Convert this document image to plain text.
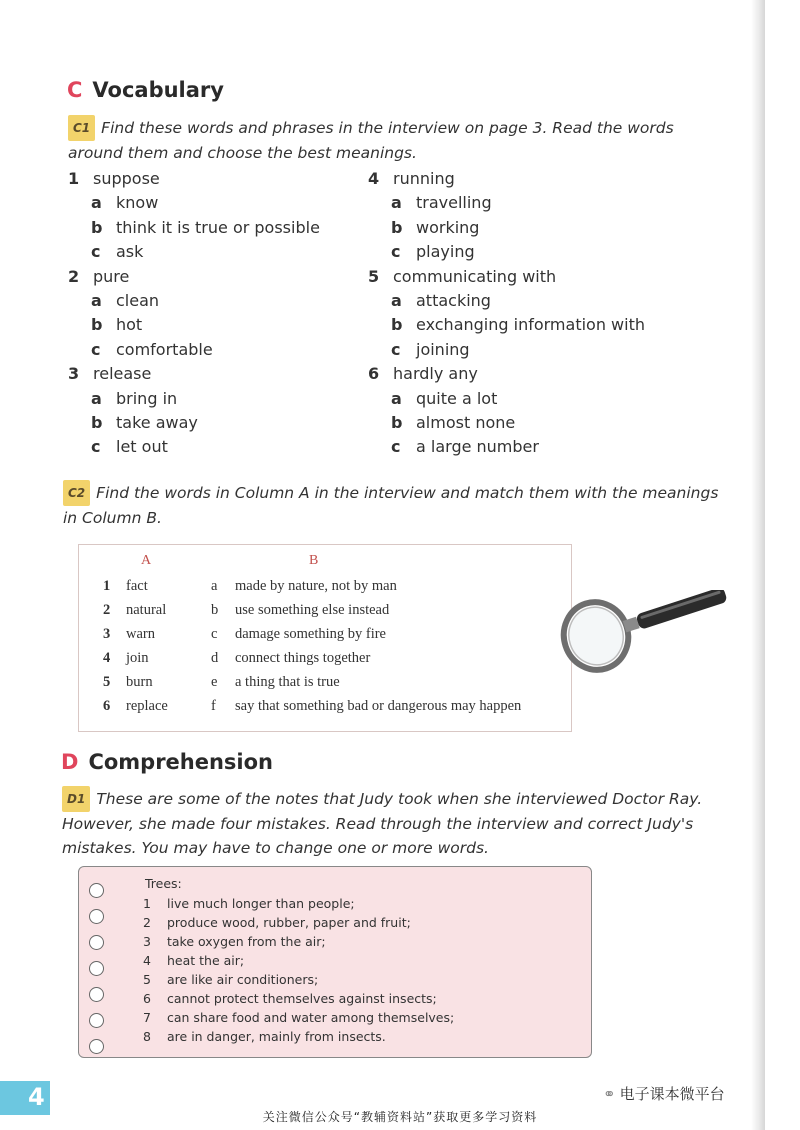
C Vocabulary
C1 Find these words and phrases in the interview on page 3. Read the words
around them and choose the best meanings.
1 suppose
a know
b think it is true or possible
c ask
2 pure
a clean
b hot
c comfortable
3 release
a bring in
b take away
c let out
4 running
a travelling
b working
c playing
5 communicating with
a attacking
b exchanging information with
c joining
6 hardly any
a quite a lot
b almost none
c a large number
C2 Find the words in Column A in the interview and match them with the meanings
in Column B.
A	B
1 fact	a made by nature, not by man
2 natural	b use something else instead
3 warn	c damage something by fire
4 join	d connect things together
5 burn	e a thing that is true
6 replace	f say that something bad or dangerous may happen
D Comprehension
D1 These are some of the notes that Judy took when she interviewed Doctor Ray.
However, she made four mistakes. Read through the interview and correct Judy's
mistakes. You may have to change one or more words.
Trees:
1 live much longer than people;
2 produce wood, rubber, paper and fruit;
3 take oxygen from the air;
4 heat the air;
5 are like air conditioners;
6 cannot protect themselves against insects;
7 can share food and water among themselves;
8 are in danger, mainly from insects.
4	⚭ 电子课本微平台
关注微信公众号“教辅资料站”获取更多学习资料
